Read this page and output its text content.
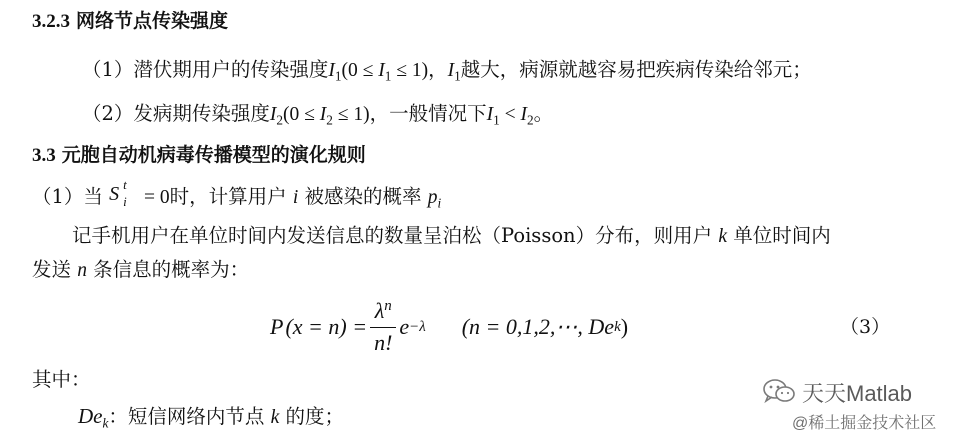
3.2.3 网络节点传染强度
（1）潜伏期用户的传染强度$I_1(0 \le I_1 \le 1)$，$I_1$越大，病源就越容易把疾病传染给邻元；
（2）发病期传染强度$I_2(0 \le I_2 \le 1)$，一般情况下$I_1 < I_2$。
3.3 元胞自动机病毒传播模型的演化规则
（1）当 S t
i = 0时，计算用户 i 被感染的概率 $p_i$
记手机用户在单位时间内发送信息的数量呈泊松（Poisson）分布，则用户 k 单位时间内
发送 n 条信息的概率为：
P $(x = n) = \frac{\lambda^n}{n!}$ e −λ (n = 0,1,2,⋯, De k )	（3）
其中：
$De_k$：短信网络内节点 k 的度；
天天Matlab
@稀土掘金技术社区
